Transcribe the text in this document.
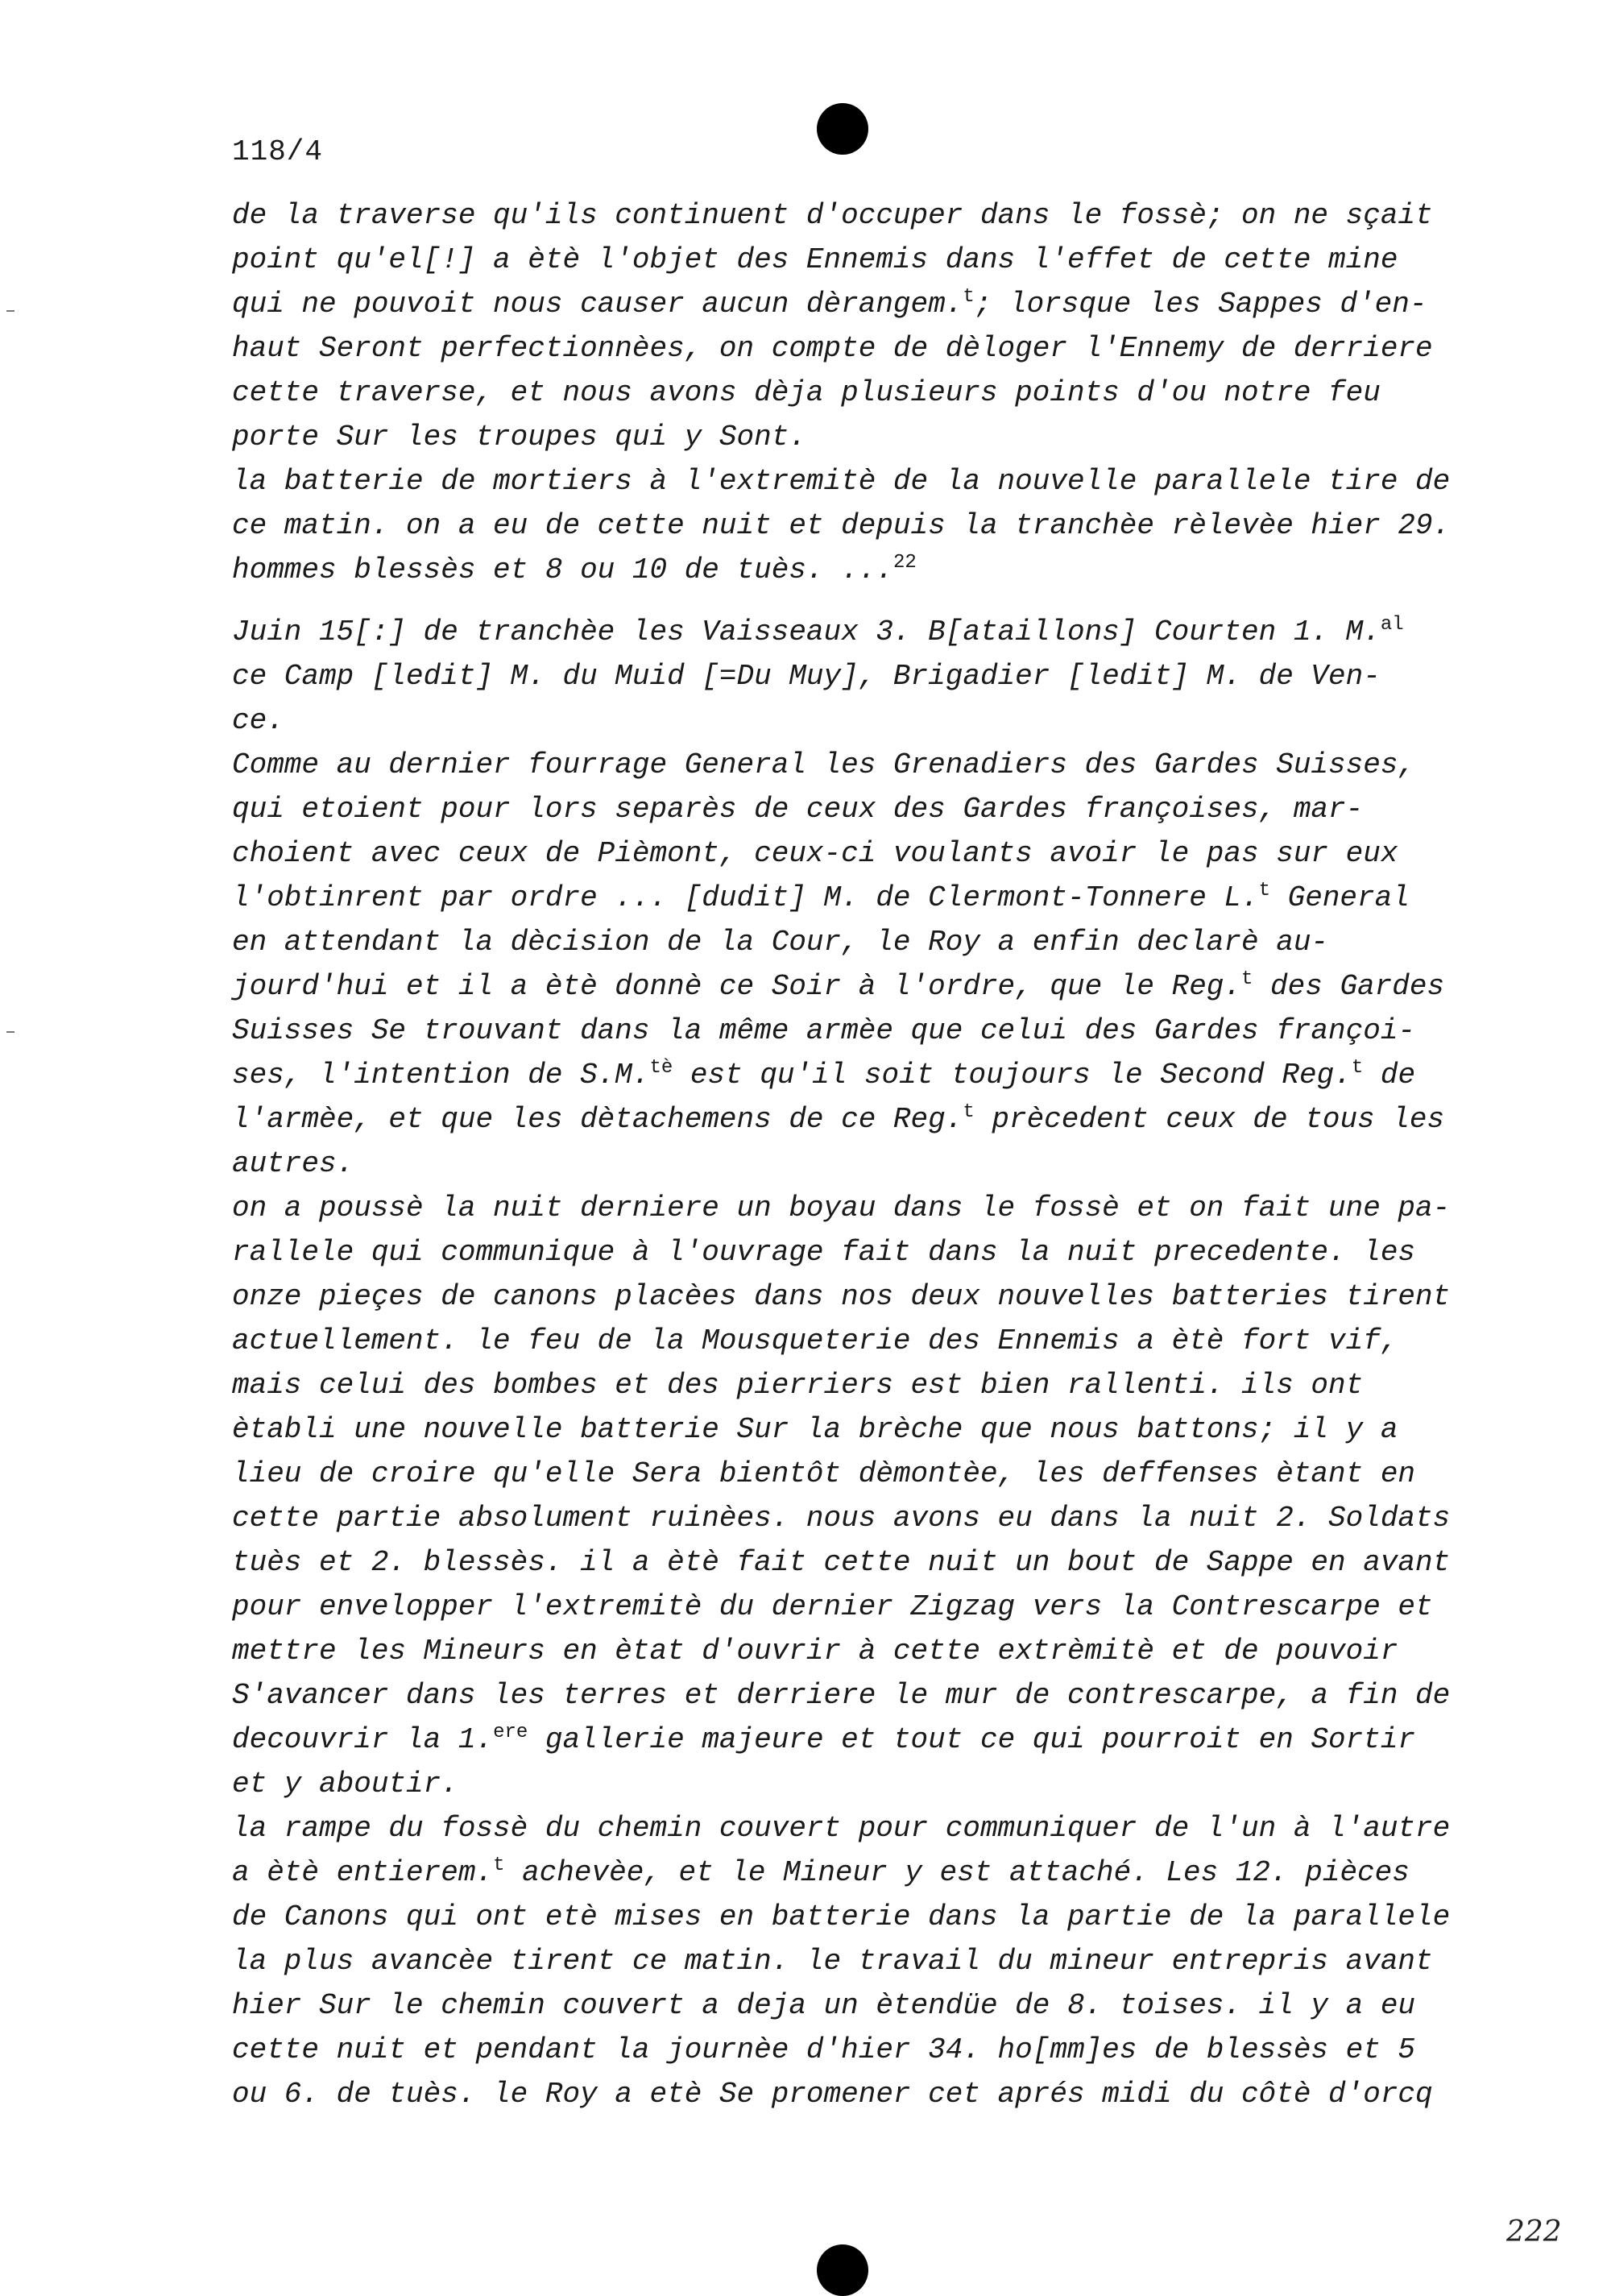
118/4
de la traverse qu'ils continuent d'occuper dans le fossè; on ne sçait
point qu'el[!] a ètè l'objet des Ennemis dans l'effet de cette mine
qui ne pouvoit nous causer aucun dèrangem.$^t$; lorsque les Sappes d'en-
haut Seront perfectionnèes, on compte de dèloger l'Ennemy de derriere
cette traverse, et nous avons dèja plusieurs points d'ou notre feu
porte Sur les troupes qui y Sont.
la batterie de mortiers à l'extremitè de la nouvelle parallele tire de
ce matin. on a eu de cette nuit et depuis la tranchèe rèlevèe hier 29.
hommes blessès et 8 ou 10 de tuès. ...$^{22}$
Juin 15[:] de tranchèe les Vaisseaux 3. B[ataillons] Courten 1. M.$^{al}$
ce Camp [ledit] M. du Muid [=Du Muy], Brigadier [ledit] M. de Ven-
ce.
Comme au dernier fourrage General les Grenadiers des Gardes Suisses,
qui etoient pour lors separès de ceux des Gardes françoises, mar-
choient avec ceux de Pièmont, ceux-ci voulants avoir le pas sur eux
l'obtinrent par ordre ... [dudit] M. de Clermont-Tonnere L.$^t$ General
en attendant la dècision de la Cour, le Roy a enfin declarè au-
jourd'hui et il a ètè donnè ce Soir à l'ordre, que le Reg.$^t$ des Gardes
Suisses Se trouvant dans la même armèe que celui des Gardes françoi-
ses, l'intention de S.M.$^{tè}$ est qu'il soit toujours le Second Reg.$^t$ de
l'armèe, et que les dètachemens de ce Reg.$^t$ prècedent ceux de tous les
autres.
on a poussè la nuit derniere un boyau dans le fossè et on fait une pa-
rallele qui communique à l'ouvrage fait dans la nuit precedente. les
onze pieçes de canons placèes dans nos deux nouvelles batteries tirent
actuellement. le feu de la Mousqueterie des Ennemis a ètè fort vif,
mais celui des bombes et des pierriers est bien rallenti. ils ont
ètabli une nouvelle batterie Sur la brèche que nous battons; il y a
lieu de croire qu'elle Sera bientôt dèmontèe, les deffenses ètant en
cette partie absolument ruinèes. nous avons eu dans la nuit 2. Soldats
tuès et 2. blessès. il a ètè fait cette nuit un bout de Sappe en avant
pour envelopper l'extremitè du dernier Zigzag vers la Contrescarpe et
mettre les Mineurs en ètat d'ouvrir à cette extrèmitè et de pouvoir
S'avancer dans les terres et derriere le mur de contrescarpe, a fin de
decouvrir la 1.$^{ere}$ gallerie majeure et tout ce qui pourroit en Sortir
et y aboutir.
la rampe du fossè du chemin couvert pour communiquer de l'un à l'autre
a ètè entierem.$^t$ achevèe, et le Mineur y est attaché. Les 12. pièces
de Canons qui ont etè mises en batterie dans la partie de la parallele
la plus avancèe tirent ce matin. le travail du mineur entrepris avant
hier Sur le chemin couvert a deja un ètendüe de 8. toises. il y a eu
cette nuit et pendant la journèe d'hier 34. ho[mm]es de blessès et 5
ou 6. de tuès. le Roy a etè Se promener cet aprés midi du côtè d'orcq
222
